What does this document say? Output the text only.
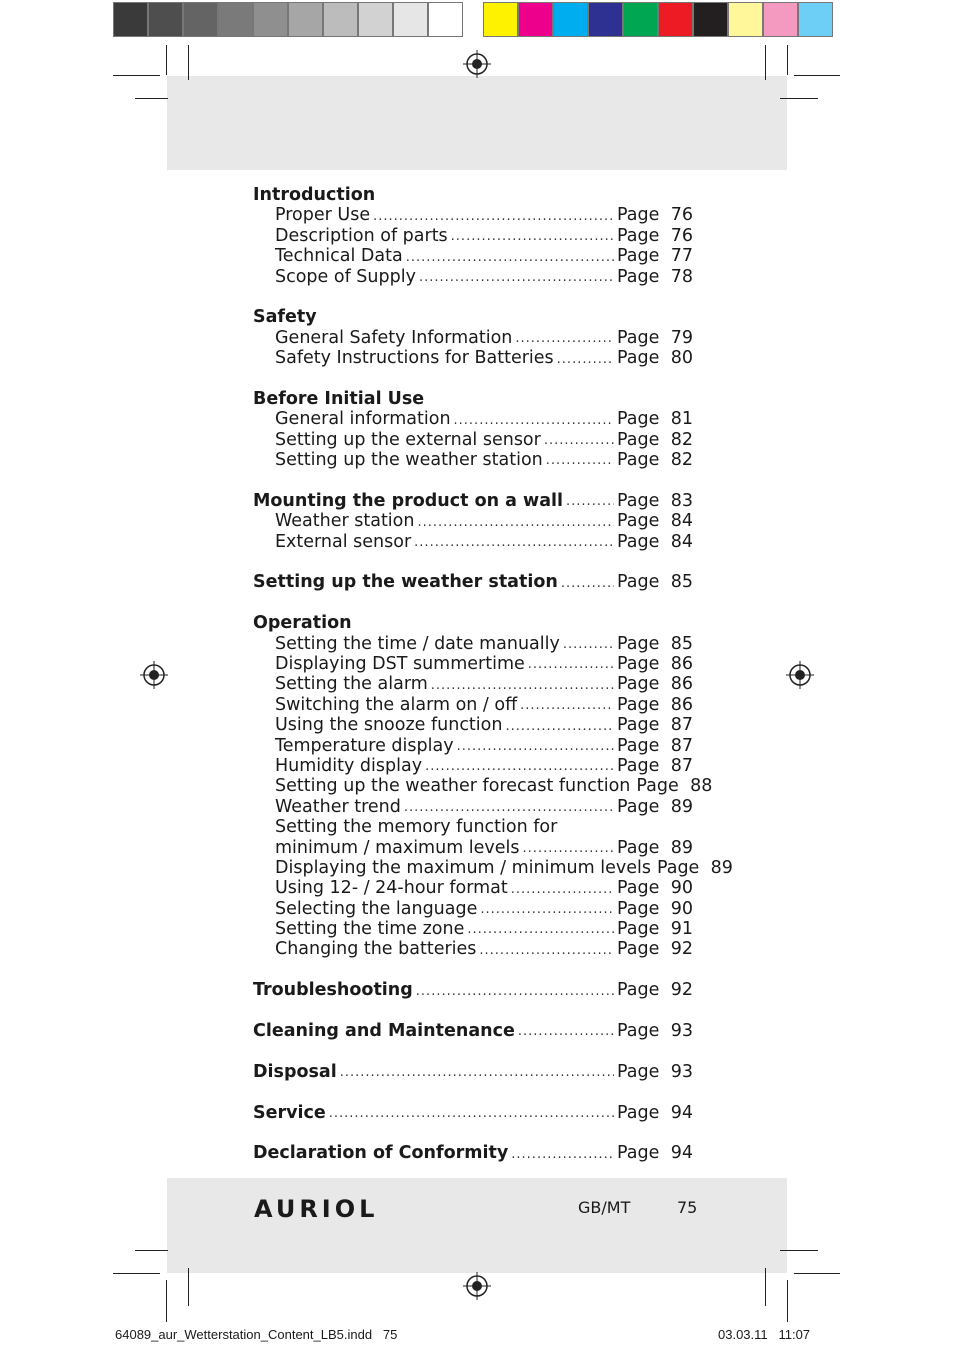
Introduction
Proper Use .....	Page 76
Description of parts .....	Page 76
Technical Data .....	Page 77
Scope of Supply .....	Page 78
Safety
General Safety Information .....	Page 79
Safety Instructions for Batteries .....	Page 80
Before Initial Use
General information .....	Page 81
Setting up the external sensor .....	Page 82
Setting up the weather station .....	Page 82
Mounting the product on a wall .....	Page 83
Weather station .....	Page 84
External sensor .....	Page 84
Setting up the weather station .....	Page 85
Operation
Setting the time / date manually .....	Page 85
Displaying DST summertime .....	Page 86
Setting the alarm .....	Page 86
Switching the alarm on / off .....	Page 86
Using the snooze function .....	Page 87
Temperature display .....	Page 87
Humidity display .....	Page 87
Setting up the weather forecast function Page 88
Weather trend .....	Page 89
Setting the memory function for
minimum / maximum levels .....	Page 89
Displaying the maximum / minimum levels Page 89
Using 12- / 24-hour format .....	Page 90
Selecting the language .....	Page 90
Setting the time zone .....	Page 91
Changing the batteries .....	Page 92
Troubleshooting .....	Page 92
Cleaning and Maintenance .....	Page 93
Disposal .....	Page 93
Service .....	Page 94
Declaration of Conformity .....	Page 94
AURIOL	GB/MT	75
64089_aur_Wetterstation_Content_LB5.indd   75	03.03.11   11:07
